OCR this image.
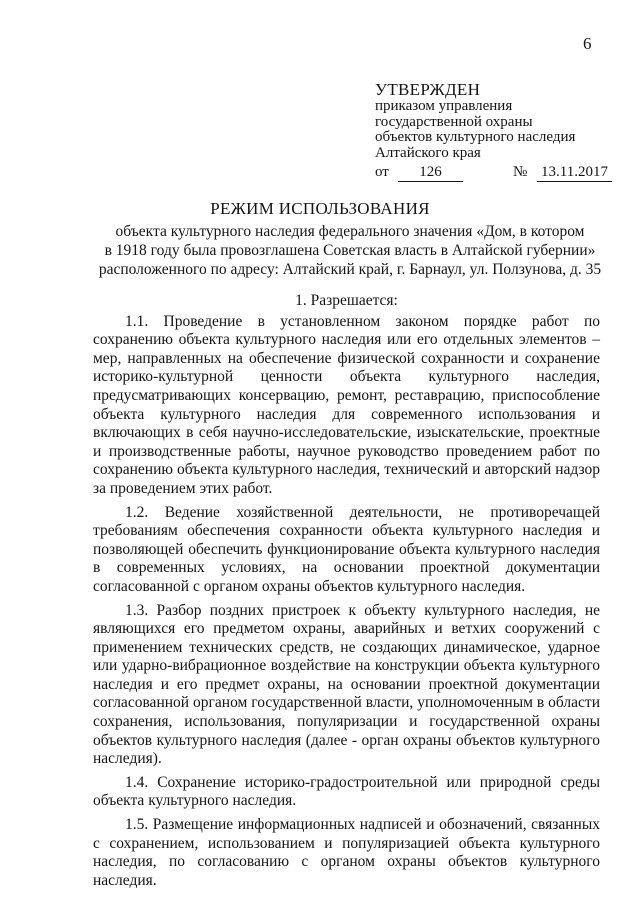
6
УТВЕРЖДЕН
приказом управления
государственной охраны
объектов культурного наследия
Алтайского края
от	126	№ 13.11.2017
РЕЖИМ ИСПОЛЬЗОВАНИЯ
объекта культурного наследия федерального значения «Дом, в котором
в 1918 году была провозглашена Советская власть в Алтайской губернии»
расположенного по адресу: Алтайский край, г. Барнаул, ул. Ползунова, д. 35
1. Разрешается:

1.1. Проведение в установленном законом порядке работ по сохранению объекта культурного наследия или его отдельных элементов – мер, направленных на обеспечение физической сохранности и сохранение историко-культурной ценности объекта культурного наследия, предусматривающих консервацию, ремонт, реставрацию, приспособление объекта культурного наследия для современного использования и включающих в себя научно-исследовательские, изыскательские, проектные и производственные работы, научное руководство проведением работ по сохранению объекта культурного наследия, технический и авторский надзор за проведением этих работ.

1.2. Ведение хозяйственной деятельности, не противоречащей требованиям обеспечения сохранности объекта культурного наследия и позволяющей обеспечить функционирование объекта культурного наследия в современных условиях, на основании проектной документации согласованной с органом охраны объектов культурного наследия.

1.3. Разбор поздних пристроек к объекту культурного наследия, не являющихся его предметом охраны, аварийных и ветхих сооружений с применением технических средств, не создающих динамическое, ударное или ударно-вибрационное воздействие на конструкции объекта культурного наследия и его предмет охраны, на основании проектной документации согласованной органом государственной власти, уполномоченным в области сохранения, использования, популяризации и государственной охраны объектов культурного наследия (далее - орган охраны объектов культурного наследия).

1.4. Сохранение историко-градостроительной или природной среды объекта культурного наследия.

1.5. Размещение информационных надписей и обозначений, связанных с сохранением, использованием и популяризацией объекта культурного наследия, по согласованию с органом охраны объектов культурного наследия.
